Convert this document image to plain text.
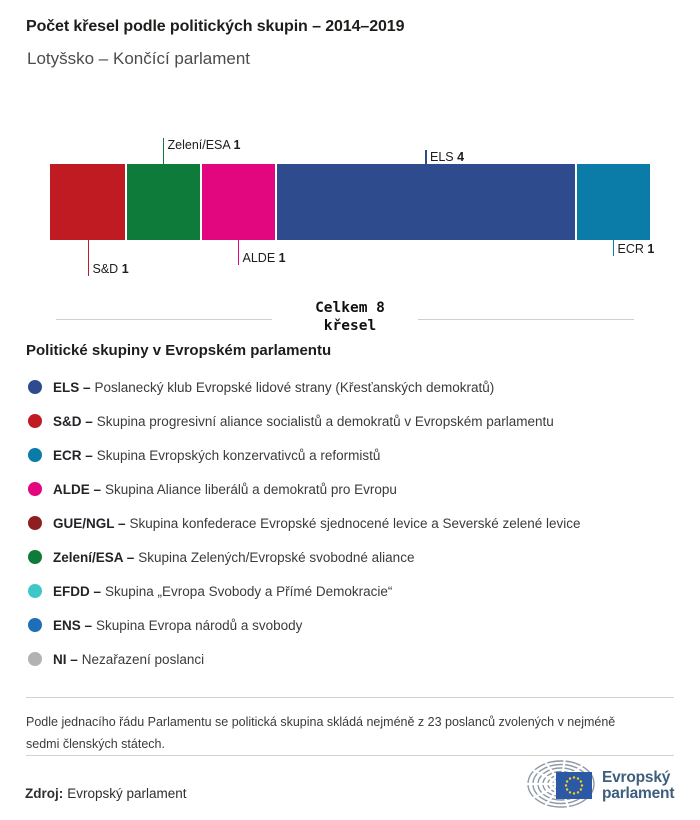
Počet křesel podle politických skupin – 2014–2019
Lotyšsko – Končící parlament
S&D 1
Zelení/ESA 1
ALDE 1
ELS 4
ECR 1
Celkem 8
křesel
Politické skupiny v Evropském parlamentu
ELS – Poslanecký klub Evropské lidové strany (Křesťanských demokratů)
S&D – Skupina progresivní aliance socialistů a demokratů v Evropském parlamentu
ECR – Skupina Evropských konzervativců a reformistů
ALDE – Skupina Aliance liberálů a demokratů pro Evropu
GUE/NGL – Skupina konfederace Evropské sjednocené levice a Severské zelené levice
Zelení/ESA – Skupina Zelených/Evropské svobodné aliance
EFDD – Skupina „Evropa Svobody a Přímé Demokracie“
ENS – Skupina Evropa národů a svobody
NI – Nezařazení poslanci
Podle jednacího řádu Parlamentu se politická skupina skládá nejméně z 23 poslanců zvolených v nejméně sedmi členských státech.
Zdroj: Evropský parlament
Evropský
parlament
